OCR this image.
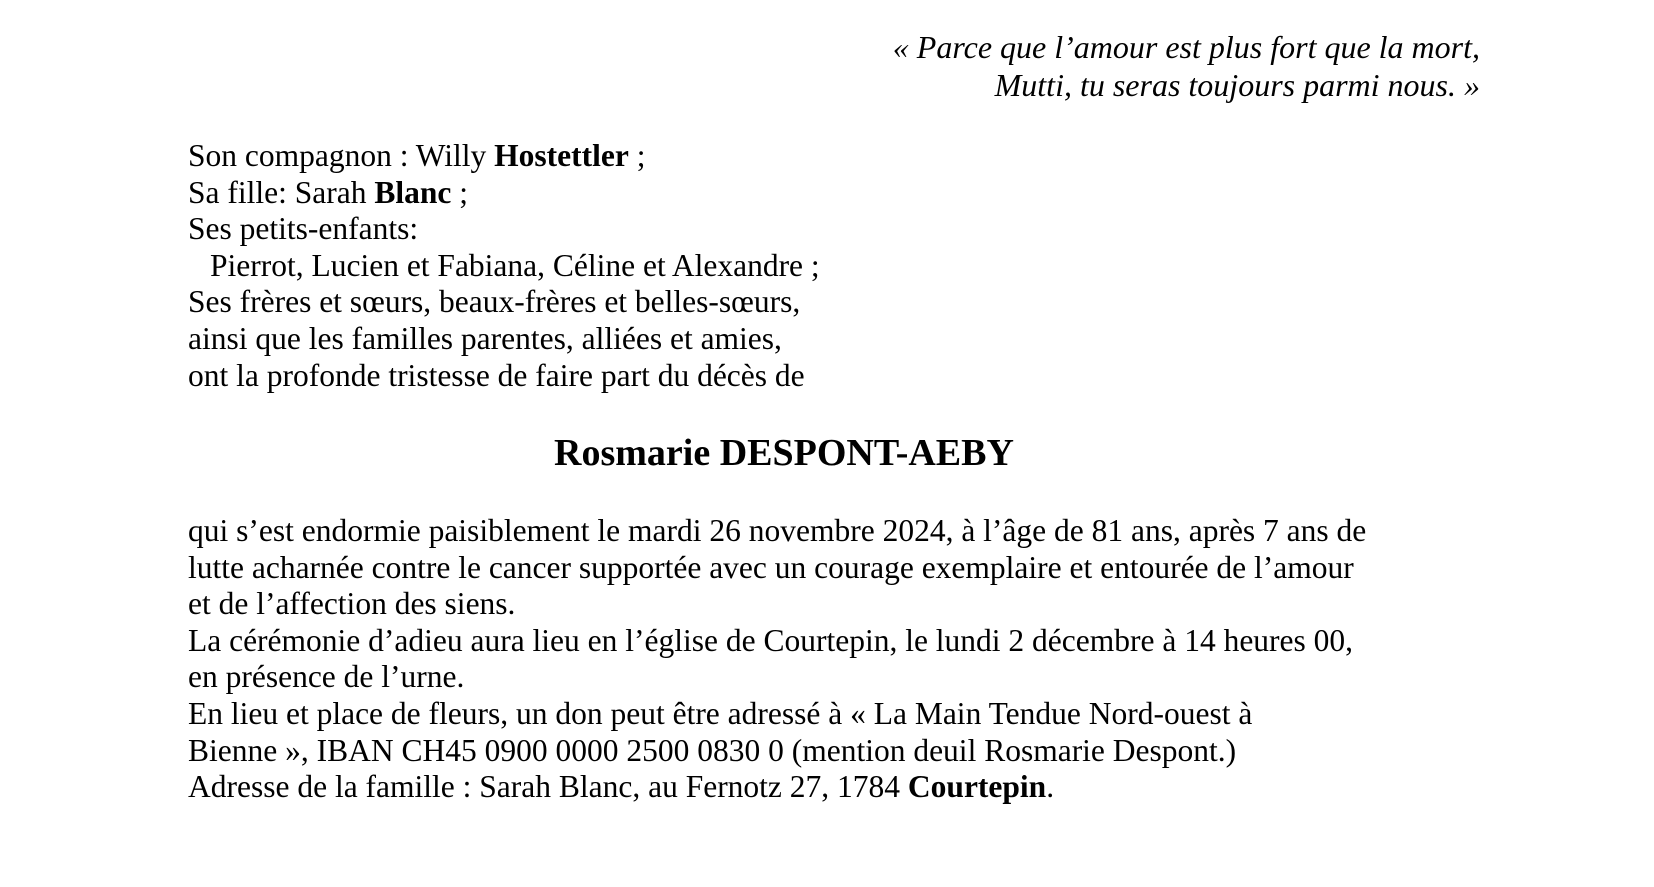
« Parce que l’amour est plus fort que la mort,
Mutti, tu seras toujours parmi nous. »
Son compagnon : Willy Hostettler ;
Sa fille: Sarah Blanc ;
Ses petits-enfants:
Pierrot, Lucien et Fabiana, Céline et Alexandre ;
Ses frères et sœurs, beaux-frères et belles-sœurs,
ainsi que les familles parentes, alliées et amies,
ont la profonde tristesse de faire part du décès de
Rosmarie DESPONT-AEBY
qui s’est endormie paisiblement le mardi 26 novembre 2024, à l’âge de 81 ans, après 7 ans de
lutte acharnée contre le cancer supportée avec un courage exemplaire et entourée de l’amour
et de l’affection des siens.
La cérémonie d’adieu aura lieu en l’église de Courtepin, le lundi 2 décembre à 14 heures 00,
en présence de l’urne.
En lieu et place de fleurs, un don peut être adressé à « La Main Tendue Nord-ouest à
Bienne », IBAN CH45 0900 0000 2500 0830 0 (mention deuil Rosmarie Despont.)
Adresse de la famille : Sarah Blanc, au Fernotz 27, 1784 Courtepin.
